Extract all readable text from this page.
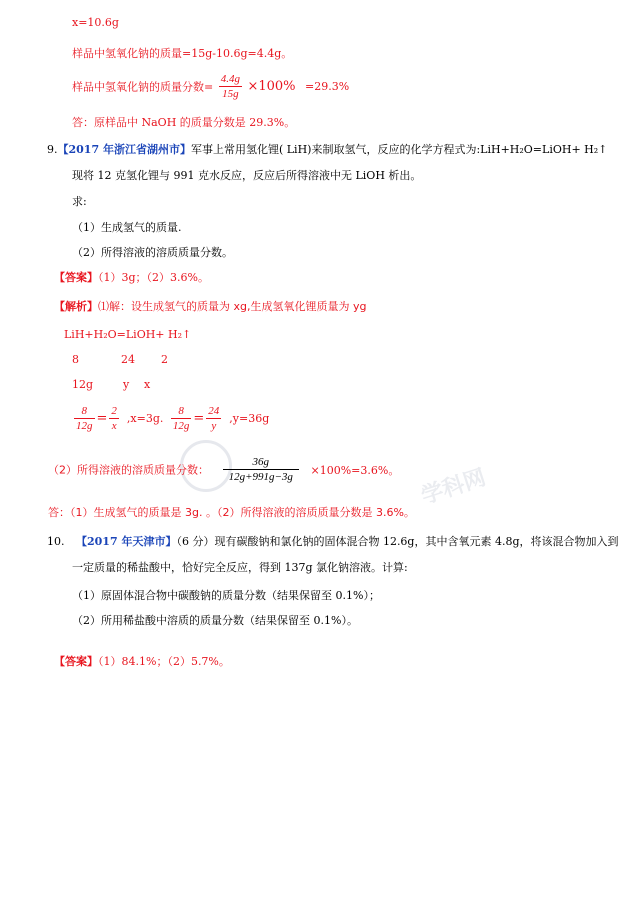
学科网
x=10.6g
样品中氢氧化钠的质量=15g-10.6g=4.4g。
样品中氢氧化钠的质量分数= $\frac{4.4g}{15g} \times 100\% =29.3\%$
答：原样品中 NaOH 的质量分数是 29.3%。
9.【2017 年浙江省湖州市】军事上常用氢化锂( LiH)来制取氢气，反应的化学方程式为:LiH+H₂O=LiOH+ H₂↑
现将 12 克氢化锂与 991 克水反应，反应后所得溶液中无 LiOH 析出。
求:
（1）生成氢气的质量.
（2）所得溶液的溶质质量分数。
【答案】（1）3g；（2）3.6%。
【解析】⑴解：设生成氢气的质量为 xg,生成氢氧化锂质量为 yg
LiH+H₂O=LiOH+ H₂↑
8	24 2
12g	y x
$\frac{8}{12g} = \frac{2}{x} ,x=3g$. $\frac{8}{12g} = \frac{24}{y} ,y=36g$
（2）所得溶液的溶质质量分数： $\frac{36g}{12g+991g-3g} \times 100\%=3.6\%$。
答：（1）生成氢气的质量是 3g. 。（2）所得溶液的溶质质量分数是 3.6%。
10. 【2017 年天津市】（6 分）现有碳酸钠和氯化钠的固体混合物 12.6g，其中含氧元素 4.8g，将该混合物加入到
一定质量的稀盐酸中，恰好完全反应，得到 137g 氯化钠溶液。计算:
（1）原固体混合物中碳酸钠的质量分数（结果保留至 0.1%）；
（2）所用稀盐酸中溶质的质量分数（结果保留至 0.1%）。
【答案】（1）84.1%；（2）5.7%。
